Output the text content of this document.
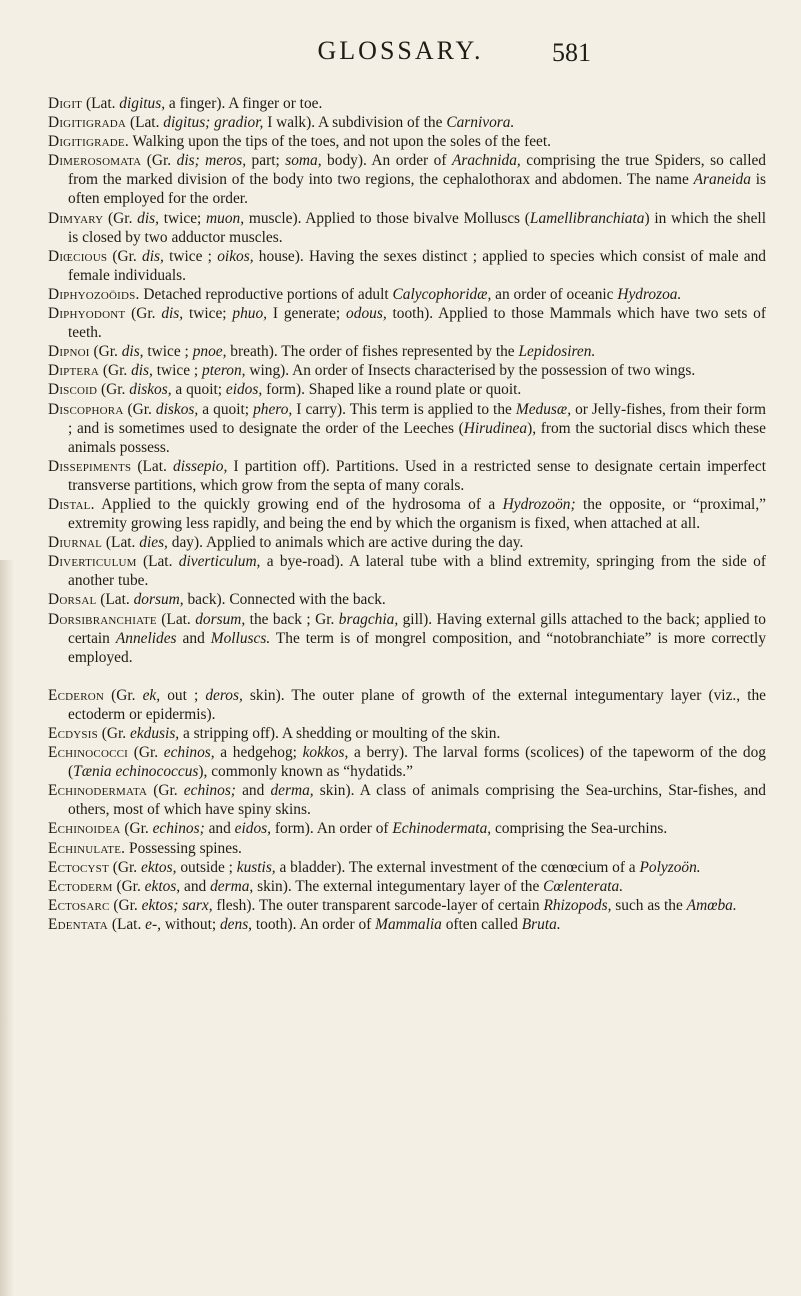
GLOSSARY.	581

Digit (Lat. digitus, a finger). A finger or toe.

Digitigrada (Lat. digitus; gradior, I walk). A subdivision of the Carnivora.

Digitigrade. Walking upon the tips of the toes, and not upon the soles of the feet.

Dimerosomata (Gr. dis; meros, part; soma, body). An order of Arachnida, comprising the true Spiders, so called from the marked division of the body into two regions, the cephalothorax and abdomen. The name Araneida is often employed for the order.

Dimyary (Gr. dis, twice; muon, muscle). Applied to those bivalve Molluscs (Lamellibranchiata) in which the shell is closed by two adductor muscles.

Diœcious (Gr. dis, twice ; oikos, house). Having the sexes distinct ; applied to species which consist of male and female individuals.

Diphyozoöids. Detached reproductive portions of adult Calycophoridæ, an order of oceanic Hydrozoa.

Diphyodont (Gr. dis, twice; phuo, I generate; odous, tooth). Applied to those Mammals which have two sets of teeth.

Dipnoi (Gr. dis, twice ; pnoe, breath). The order of fishes represented by the Lepidosiren.

Diptera (Gr. dis, twice ; pteron, wing). An order of Insects characterised by the possession of two wings.

Discoid (Gr. diskos, a quoit; eidos, form). Shaped like a round plate or quoit.

Discophora (Gr. diskos, a quoit; phero, I carry). This term is applied to the Medusæ, or Jelly-fishes, from their form ; and is sometimes used to designate the order of the Leeches (Hirudinea), from the suctorial discs which these animals possess.

Dissepiments (Lat. dissepio, I partition off). Partitions. Used in a restricted sense to designate certain imperfect transverse partitions, which grow from the septa of many corals.

Distal. Applied to the quickly growing end of the hydrosoma of a Hydrozoön; the opposite, or “proximal,” extremity growing less rapidly, and being the end by which the organism is fixed, when attached at all.

Diurnal (Lat. dies, day). Applied to animals which are active during the day.

Diverticulum (Lat. diverticulum, a bye-road). A lateral tube with a blind extremity, springing from the side of another tube.

Dorsal (Lat. dorsum, back). Connected with the back.

Dorsibranchiate (Lat. dorsum, the back ; Gr. bragchia, gill). Having external gills attached to the back; applied to certain Annelides and Molluscs. The term is of mongrel composition, and “notobranchiate” is more correctly employed.

Ecderon (Gr. ek, out ; deros, skin). The outer plane of growth of the external integumentary layer (viz., the ectoderm or epidermis).

Ecdysis (Gr. ekdusis, a stripping off). A shedding or moulting of the skin.

Echinococci (Gr. echinos, a hedgehog; kokkos, a berry). The larval forms (scolices) of the tapeworm of the dog (Tænia echinococcus), commonly known as “hydatids.”

Echinodermata (Gr. echinos; and derma, skin). A class of animals comprising the Sea-urchins, Star-fishes, and others, most of which have spiny skins.

Echinoidea (Gr. echinos; and eidos, form). An order of Echinodermata, comprising the Sea-urchins.

Echinulate. Possessing spines.

Ectocyst (Gr. ektos, outside ; kustis, a bladder). The external investment of the cœnœcium of a Polyzoön.

Ectoderm (Gr. ektos, and derma, skin). The external integumentary layer of the Cœlenterata.

Ectosarc (Gr. ektos; sarx, flesh). The outer transparent sarcode-layer of certain Rhizopods, such as the Amœba.

Edentata (Lat. e-, without; dens, tooth). An order of Mammalia often called Bruta.
